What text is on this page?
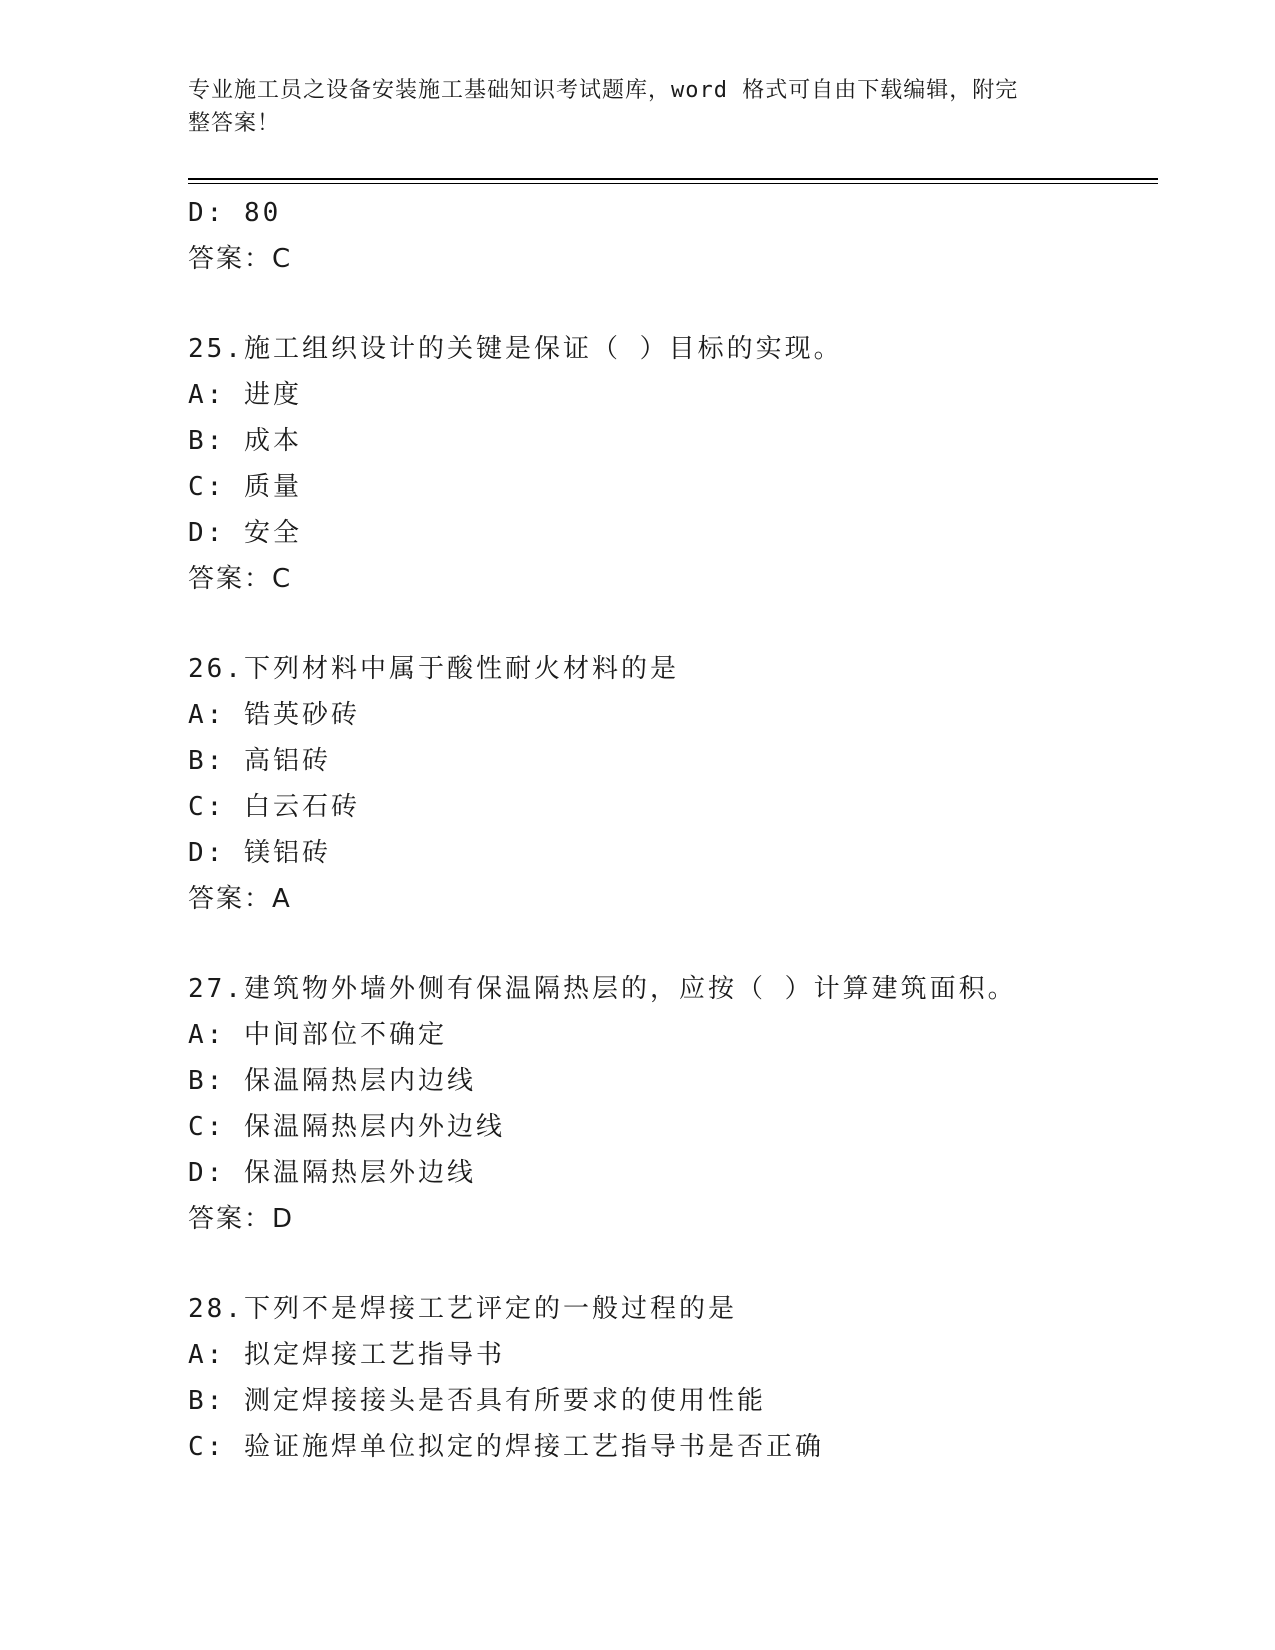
专业施工员之设备安装施工基础知识考试题库，word 格式可自由下载编辑，附完
整答案！
D: 80
答案：C
25.施工组织设计的关键是保证（ ）目标的实现。
A: 进度
B: 成本
C: 质量
D: 安全
答案：C
26.下列材料中属于酸性耐火材料的是
A: 锆英砂砖
B: 高铝砖
C: 白云石砖
D: 镁铝砖
答案：A
27.建筑物外墙外侧有保温隔热层的，应按（ ）计算建筑面积。
A: 中间部位不确定
B: 保温隔热层内边线
C: 保温隔热层内外边线
D: 保温隔热层外边线
答案：D
28.下列不是焊接工艺评定的一般过程的是
A: 拟定焊接工艺指导书
B: 测定焊接接头是否具有所要求的使用性能
C: 验证施焊单位拟定的焊接工艺指导书是否正确
